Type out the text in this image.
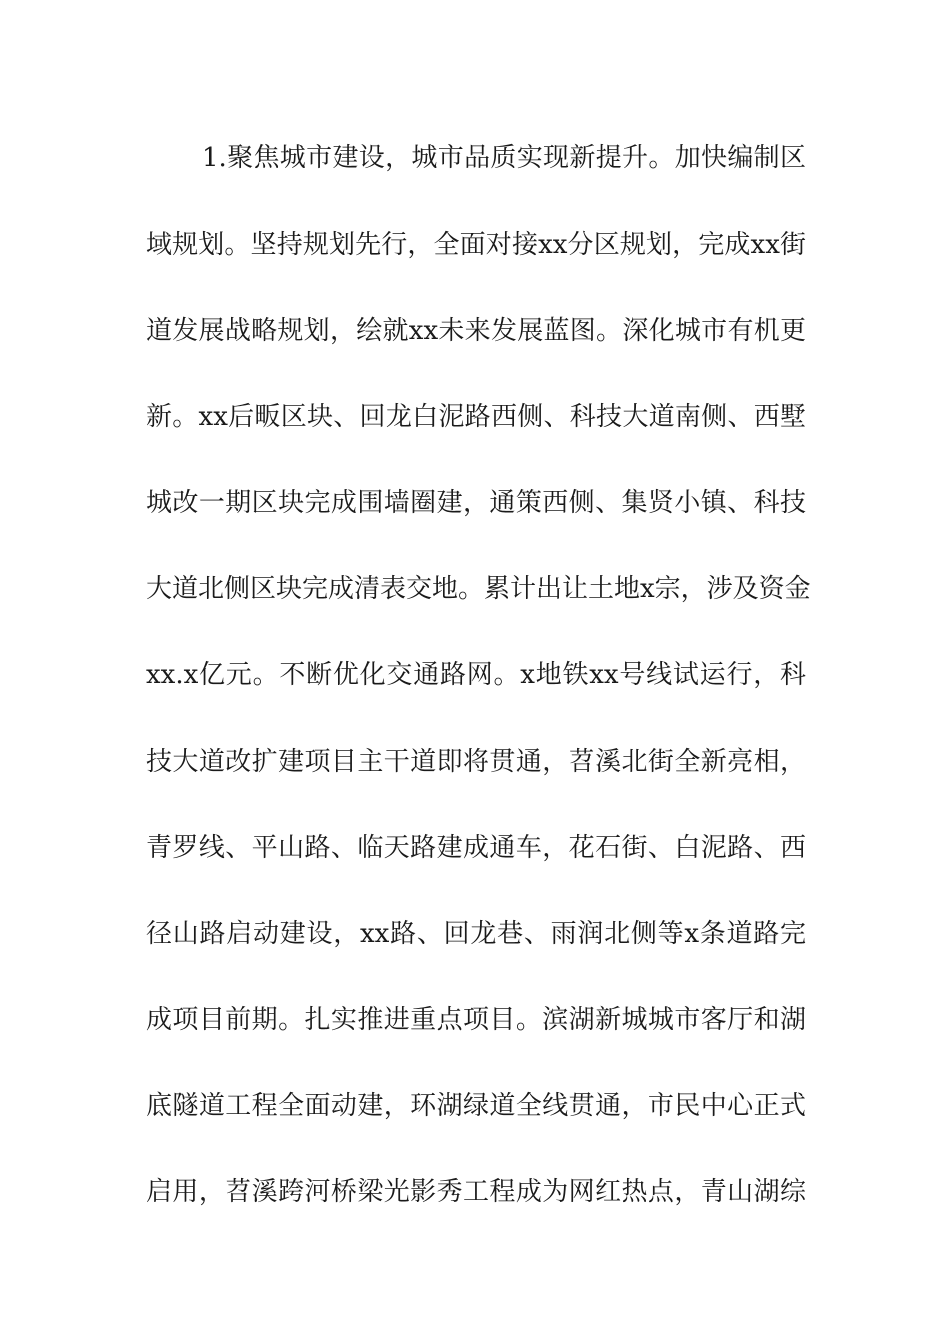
1.聚焦城市建设，城市品质实现新提升。加快编制区
域规划。坚持规划先行，全面对接xx分区规划，完成xx街
道发展战略规划，绘就xx未来发展蓝图。深化城市有机更
新。xx后畈区块、回龙白泥路西侧、科技大道南侧、西墅
城改一期区块完成围墙圈建，通策西侧、集贤小镇、科技
大道北侧区块完成清表交地。累计出让土地x宗，涉及资金
xx.x亿元。不断优化交通路网。x地铁xx号线试运行，科
技大道改扩建项目主干道即将贯通，苕溪北街全新亮相，
青罗线、平山路、临天路建成通车，花石街、白泥路、西
径山路启动建设，xx路、回龙巷、雨润北侧等x条道路完
成项目前期。扎实推进重点项目。滨湖新城城市客厅和湖
底隧道工程全面动建，环湖绿道全线贯通，市民中心正式
启用，苕溪跨河桥梁光影秀工程成为网红热点，青山湖综
